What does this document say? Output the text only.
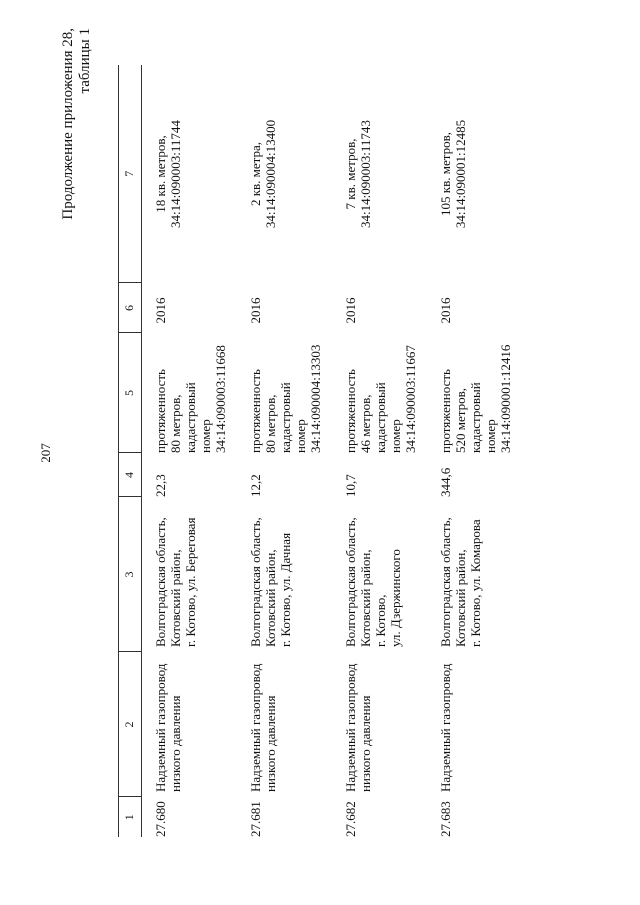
207
Продолжение приложения 28, таблицы 1
1	2	3	4	5	6	7
27.680	Надземный газопровод
низкого давления	Волгоградская область,
Котовский район,
г. Котово, ул. Береговая	22,3	протяженность
80 метров,
кадастровый
номер
34:14:090003:11668	2016	18 кв. метров,
34:14:090003:11744
27.681	Надземный газопровод
низкого давления	Волгоградская область,
Котовский район,
г. Котово, ул. Дачная	12,2	протяженность
80 метров,
кадастровый
номер
34:14:090004:13303	2016	2 кв. метра,
34:14:090004:13400
27.682	Надземный газопровод
низкого давления	Волгоградская область,
Котовский район,
г. Котово,
ул. Дзержинского	10,7	протяженность
46 метров,
кадастровый
номер
34:14:090003:11667	2016	7 кв. метров,
34:14:090003:11743
27.683	Надземный газопровод	Волгоградская область,
Котовский район,
г. Котово, ул. Комарова	344,6	протяженность
520 метров,
кадастровый
номер
34:14:090001:12416	2016	105 кв. метров,
34:14:090001:12485
